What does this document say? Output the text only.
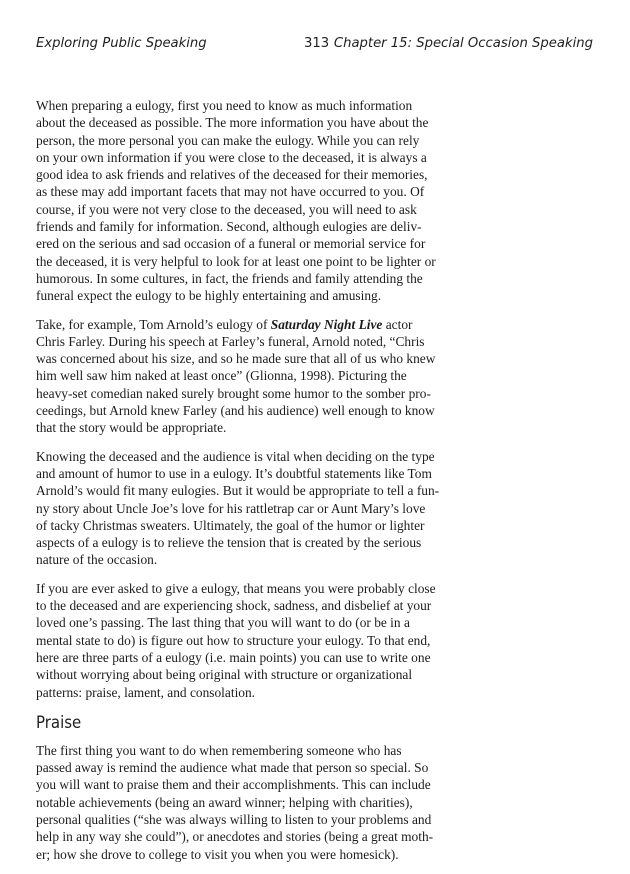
Exploring Public Speaking	313 Chapter 15: Special Occasion Speaking

When preparing a eulogy, first you need to know as much information
about the deceased as possible. The more information you have about the
person, the more personal you can make the eulogy. While you can rely
on your own information if you were close to the deceased, it is always a
good idea to ask friends and relatives of the deceased for their memories,
as these may add important facets that may not have occurred to you. Of
course, if you were not very close to the deceased, you will need to ask
friends and family for information. Second, although eulogies are deliv-
ered on the serious and sad occasion of a funeral or memorial service for
the deceased, it is very helpful to look for at least one point to be lighter or
humorous. In some cultures, in fact, the friends and family attending the
funeral expect the eulogy to be highly entertaining and amusing.

Take, for example, Tom Arnold’s eulogy of Saturday Night Live actor
Chris Farley. During his speech at Farley’s funeral, Arnold noted, “Chris
was concerned about his size, and so he made sure that all of us who knew
him well saw him naked at least once” (Glionna, 1998). Picturing the
heavy-set comedian naked surely brought some humor to the somber pro-
ceedings, but Arnold knew Farley (and his audience) well enough to know
that the story would be appropriate.

Knowing the deceased and the audience is vital when deciding on the type
and amount of humor to use in a eulogy. It’s doubtful statements like Tom
Arnold’s would fit many eulogies. But it would be appropriate to tell a fun-
ny story about Uncle Joe’s love for his rattletrap car or Aunt Mary’s love
of tacky Christmas sweaters. Ultimately, the goal of the humor or lighter
aspects of a eulogy is to relieve the tension that is created by the serious
nature of the occasion.

If you are ever asked to give a eulogy, that means you were probably close
to the deceased and are experiencing shock, sadness, and disbelief at your
loved one’s passing. The last thing that you will want to do (or be in a
mental state to do) is figure out how to structure your eulogy. To that end,
here are three parts of a eulogy (i.e. main points) you can use to write one
without worrying about being original with structure or organizational
patterns: praise, lament, and consolation.

Praise

The first thing you want to do when remembering someone who has
passed away is remind the audience what made that person so special. So
you will want to praise them and their accomplishments. This can include
notable achievements (being an award winner; helping with charities),
personal qualities (“she was always willing to listen to your problems and
help in any way she could”), or anecdotes and stories (being a great moth-
er; how she drove to college to visit you when you were homesick).
